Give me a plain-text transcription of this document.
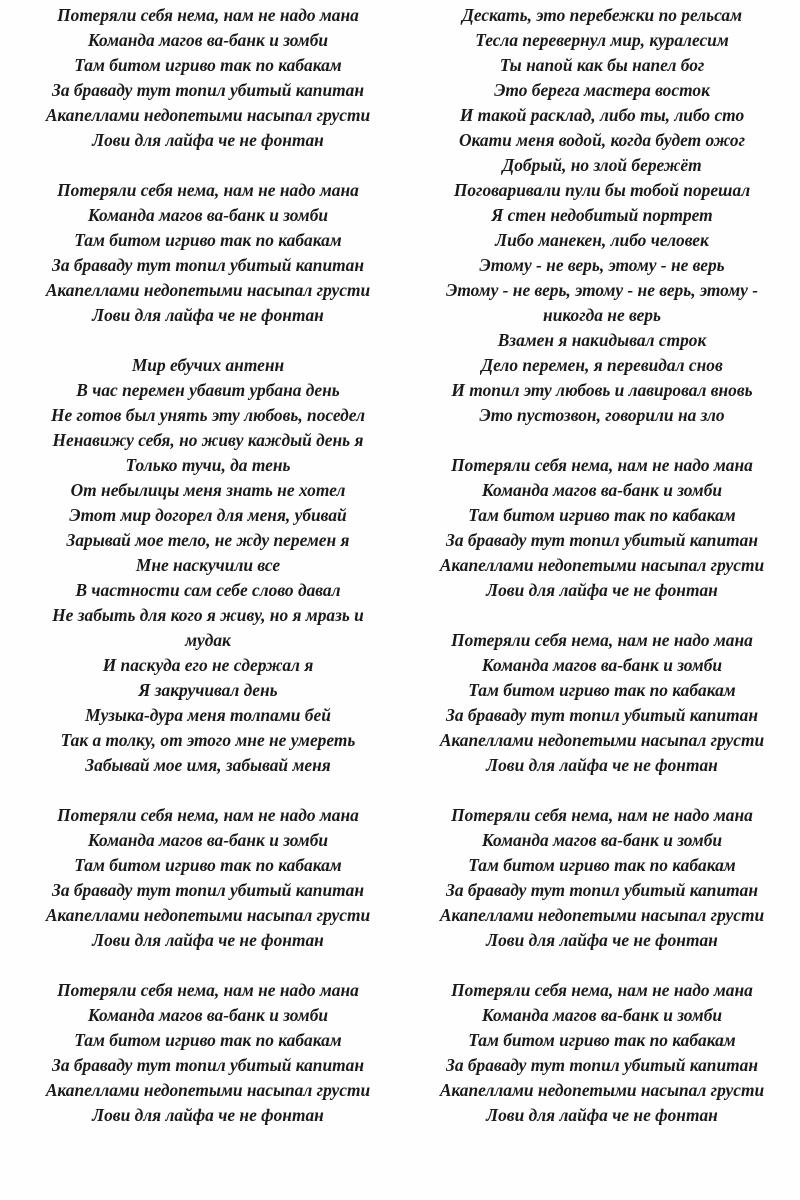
Потеряли себя нема, нам не надо мана
Команда магов ва-банк и зомби
Там битом игриво так по кабакам
За браваду тут топил убитый капитан
Акапеллами недопетыми насыпал грусти
Лови для лайфа че не фонтан
Потеряли себя нема, нам не надо мана
Команда магов ва-банк и зомби
Там битом игриво так по кабакам
За браваду тут топил убитый капитан
Акапеллами недопетыми насыпал грусти
Лови для лайфа че не фонтан
Мир ебучих антенн
В час перемен убавит урбана день
Не готов был унять эту любовь, поседел
Ненавижу себя, но живу каждый день я
Только тучи, да тень
От небылицы меня знать не хотел
Этот мир догорел для меня, убивай
Зарывай мое тело, не жду перемен я
Мне наскучили все
В частности сам себе слово давал
Не забыть для кого я живу, но я мразь и
мудак
И паскуда его не сдержал я
Я закручивал день
Музыка-дура меня толпами бей
Так а толку, от этого мне не умереть
Забывай мое имя, забывай меня
Потеряли себя нема, нам не надо мана
Команда магов ва-банк и зомби
Там битом игриво так по кабакам
За браваду тут топил убитый капитан
Акапеллами недопетыми насыпал грусти
Лови для лайфа че не фонтан
Потеряли себя нема, нам не надо мана
Команда магов ва-банк и зомби
Там битом игриво так по кабакам
За браваду тут топил убитый капитан
Акапеллами недопетыми насыпал грусти
Лови для лайфа че не фонтан
Дескать, это перебежки по рельсам
Тесла перевернул мир, куралесим
Ты напой как бы напел бог
Это берега мастера восток
И такой расклад, либо ты, либо сто
Окати меня водой, когда будет ожог
Добрый, но злой бережёт
Поговаривали пули бы тобой порешал
Я стен недобитый портрет
Либо манекен, либо человек
Этому - не верь, этому - не верь
Этому - не верь, этому - не верь, этому -
никогда не верь
Взамен я накидывал строк
Дело перемен, я перевидал снов
И топил эту любовь и лавировал вновь
Это пустозвон, говорили на зло
Потеряли себя нема, нам не надо мана
Команда магов ва-банк и зомби
Там битом игриво так по кабакам
За браваду тут топил убитый капитан
Акапеллами недопетыми насыпал грусти
Лови для лайфа че не фонтан
Потеряли себя нема, нам не надо мана
Команда магов ва-банк и зомби
Там битом игриво так по кабакам
За браваду тут топил убитый капитан
Акапеллами недопетыми насыпал грусти
Лови для лайфа че не фонтан
Потеряли себя нема, нам не надо мана
Команда магов ва-банк и зомби
Там битом игриво так по кабакам
За браваду тут топил убитый капитан
Акапеллами недопетыми насыпал грусти
Лови для лайфа че не фонтан
Потеряли себя нема, нам не надо мана
Команда магов ва-банк и зомби
Там битом игриво так по кабакам
За браваду тут топил убитый капитан
Акапеллами недопетыми насыпал грусти
Лови для лайфа че не фонтан
